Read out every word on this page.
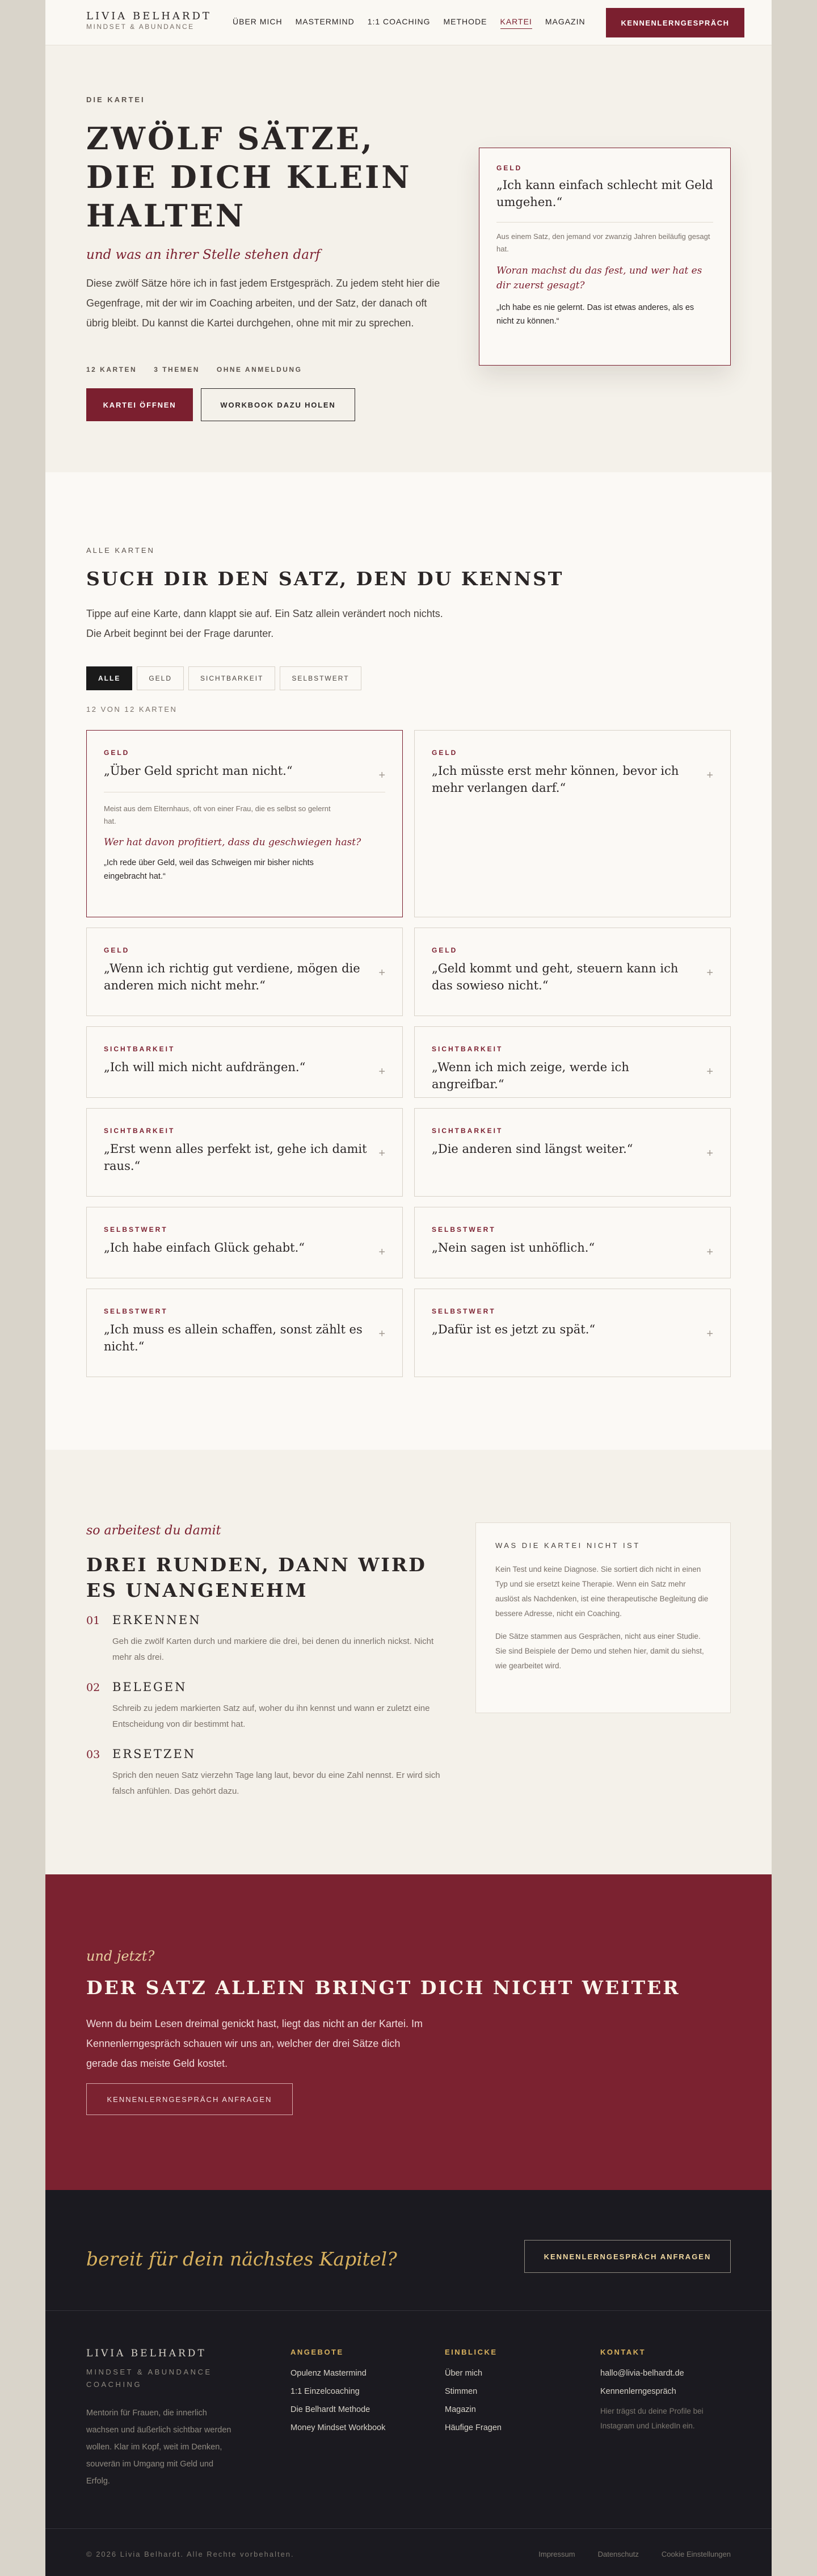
LIVIA BELHARDT
MINDSET & ABUNDANCE
ÜBER MICH MASTERMIND 1:1 COACHING METHODE KARTEI MAGAZIN	KENNENLERNGESPRÄCH
DIE KARTEI
ZWÖLF SÄTZE, DIE DICH KLEIN HALTEN
und was an ihrer Stelle stehen darf

Diese zwölf Sätze höre ich in fast jedem Erstgespräch. Zu jedem steht hier die Gegenfrage, mit der wir im Coaching arbeiten, und der Satz, der danach oft übrig bleibt. Du kannst die Kartei durchgehen, ohne mit mir zu sprechen.

12 KARTEN	3 THEMEN	OHNE ANMELDUNG
KARTEI ÖFFNEN	WORKBOOK DAZU HOLEN
GELD
„Ich kann einfach schlecht mit Geld umgehen.“
Aus einem Satz, den jemand vor zwanzig Jahren beiläufig gesagt hat.
Woran machst du das fest, und wer hat es dir zuerst gesagt?
„Ich habe es nie gelernt. Das ist etwas anderes, als es nicht zu können.“
ALLE KARTEN
SUCH DIR DEN SATZ, DEN DU KENNST

Tippe auf eine Karte, dann klappt sie auf. Ein Satz allein verändert noch nichts. Die Arbeit beginnt bei der Frage darunter.

ALLE	GELD	SICHTBARKEIT	SELBSTWERT
12 VON 12 KARTEN
GELD
„Über Geld spricht man nicht.“	+
Meist aus dem Elternhaus, oft von einer Frau, die es selbst so gelernt hat.
Wer hat davon profitiert, dass du geschwiegen hast?
„Ich rede über Geld, weil das Schweigen mir bisher nichts eingebracht hat.“
GELD
„Ich müsste erst mehr können, bevor ich mehr verlangen darf.“
+
GELD
„Wenn ich richtig gut verdiene, mögen die anderen mich nicht mehr.“
+
GELD
„Geld kommt und geht, steuern kann ich das sowieso nicht.“
+
SICHTBARKEIT
„Ich will mich nicht aufdrängen.“	+
SICHTBARKEIT
„Wenn ich mich zeige, werde ich angreifbar.“
+
SICHTBARKEIT
„Erst wenn alles perfekt ist, gehe ich damit raus.“
+
SICHTBARKEIT
„Die anderen sind längst weiter.“	+
SELBSTWERT
„Ich habe einfach Glück gehabt.“	+
SELBSTWERT
„Nein sagen ist unhöflich.“	+
SELBSTWERT
„Ich muss es allein schaffen, sonst zählt es nicht.“
+
SELBSTWERT
„Dafür ist es jetzt zu spät.“	+
so arbeitest du damit
DREI RUNDEN, DANN WIRD ES UNANGENEHM
01 ERKENNEN

Geh die zwölf Karten durch und markiere die drei, bei denen du innerlich nickst. Nicht mehr als drei.

02 BELEGEN

Schreib zu jedem markierten Satz auf, woher du ihn kennst und wann er zuletzt eine Entscheidung von dir bestimmt hat.

03 ERSETZEN

Sprich den neuen Satz vierzehn Tage lang laut, bevor du eine Zahl nennst. Er wird sich falsch anfühlen. Das gehört dazu.

WAS DIE KARTEI NICHT IST

Kein Test und keine Diagnose. Sie sortiert dich nicht in einen Typ und sie ersetzt keine Therapie. Wenn ein Satz mehr auslöst als Nachdenken, ist eine therapeutische Begleitung die bessere Adresse, nicht ein Coaching.

Die Sätze stammen aus Gesprächen, nicht aus einer Studie. Sie sind Beispiele der Demo und stehen hier, damit du siehst, wie gearbeitet wird.

und jetzt?
DER SATZ ALLEIN BRINGT DICH NICHT WEITER

Wenn du beim Lesen dreimal genickt hast, liegt das nicht an der Kartei. Im Kennenlerngespräch schauen wir uns an, welcher der drei Sätze dich gerade das meiste Geld kostet.

KENNENLERNGESPRÄCH ANFRAGEN
bereit für dein nächstes Kapitel?	KENNENLERNGESPRÄCH ANFRAGEN
LIVIA BELHARDT
MINDSET & ABUNDANCE COACHING

Mentorin für Frauen, die innerlich wachsen und äußerlich sichtbar werden wollen. Klar im Kopf, weit im Denken, souverän im Umgang mit Geld und Erfolg.

ANGEBOTE
Opulenz Mastermind
1:1 Einzelcoaching
Die Belhardt Methode
Money Mindset Workbook
EINBLICKE
Über mich
Stimmen
Magazin
Häufige Fragen
KONTAKT
hallo@livia-belhardt.de
Kennenlerngespräch
Hier trägst du deine Profile bei Instagram und LinkedIn ein.
© 2026 Livia Belhardt. Alle Rechte vorbehalten.	Impressum	Datenschutz	Cookie Einstellungen
